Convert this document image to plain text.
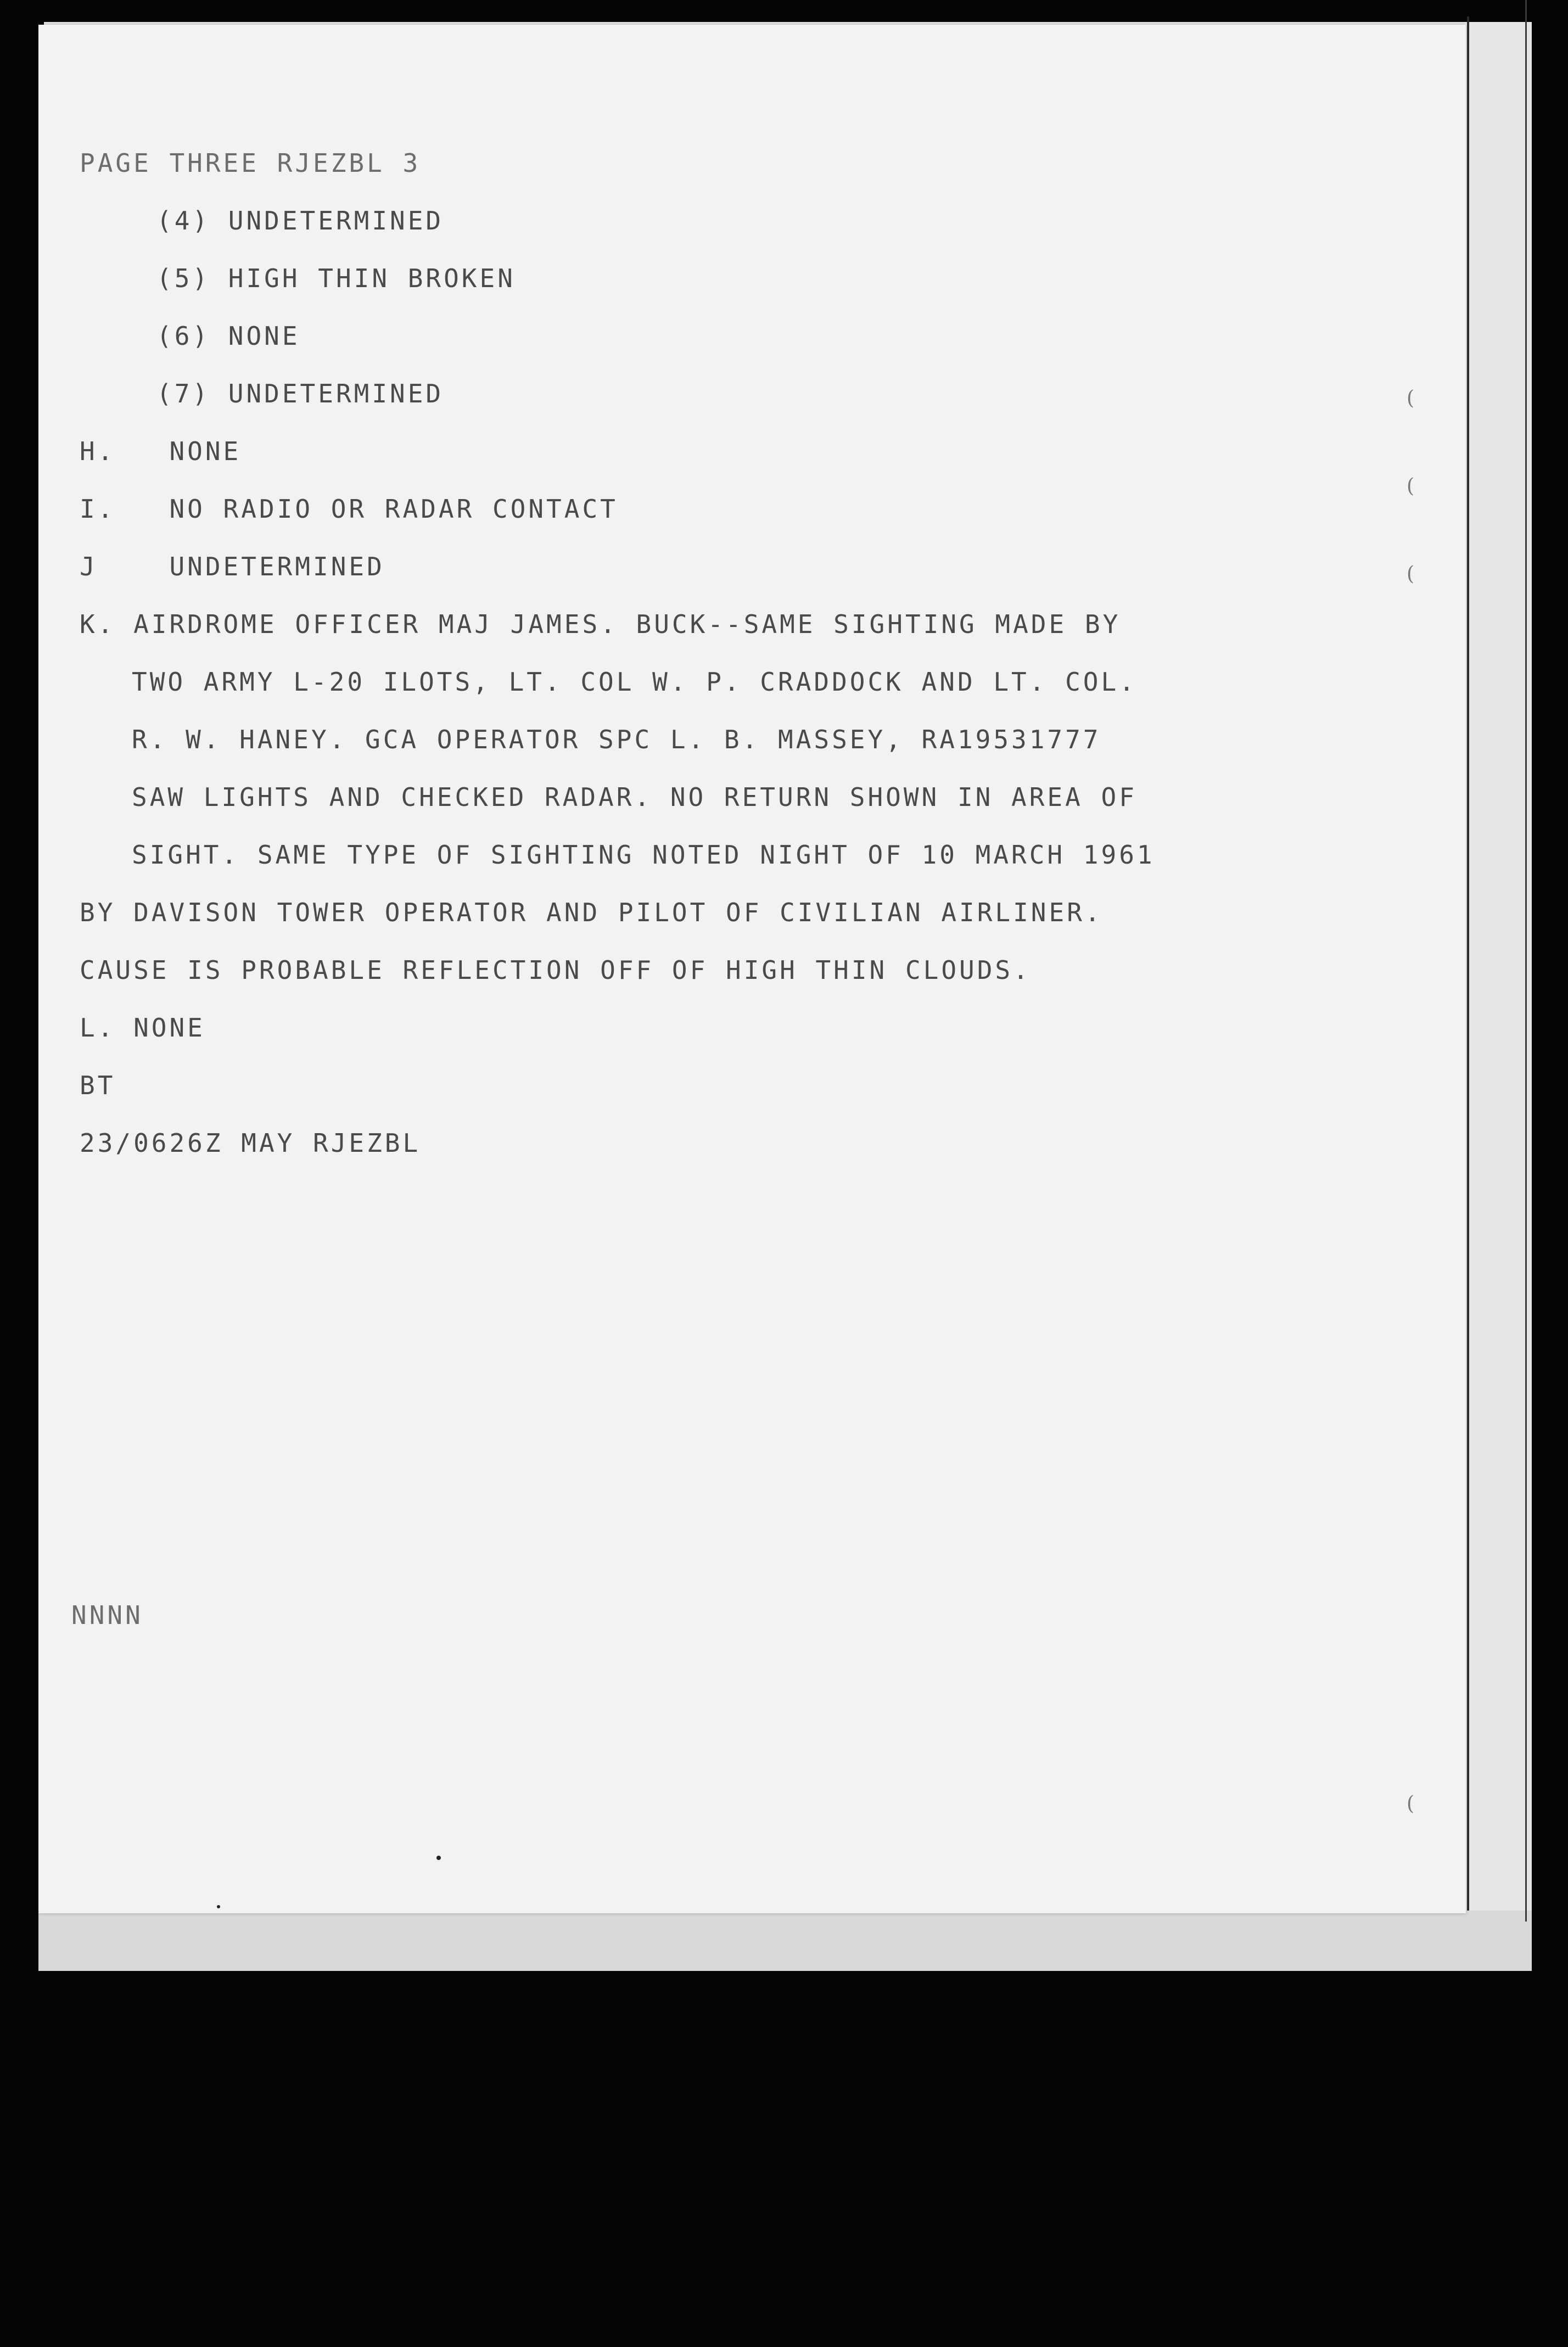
PAGE THREE RJEZBL 3

(4) UNDETERMINED

(5) HIGH THIN BROKEN

(6) NONE

(7) UNDETERMINED

H.   NONE

I.   NO RADIO OR RADAR CONTACT

J    UNDETERMINED

K. AIRDROME OFFICER MAJ JAMES. BUCK--SAME SIGHTING MADE BY

TWO ARMY L-20 ILOTS, LT. COL W. P. CRADDOCK AND LT. COL.

R. W. HANEY. GCA OPERATOR SPC L. B. MASSEY, RA19531777

SAW LIGHTS AND CHECKED RADAR. NO RETURN SHOWN IN AREA OF

SIGHT. SAME TYPE OF SIGHTING NOTED NIGHT OF 10 MARCH 1961

BY DAVISON TOWER OPERATOR AND PILOT OF CIVILIAN AIRLINER.

CAUSE IS PROBABLE REFLECTION OFF OF HIGH THIN CLOUDS.

L. NONE

BT

23/0626Z MAY RJEZBL

NNNN

(
(
(
(
